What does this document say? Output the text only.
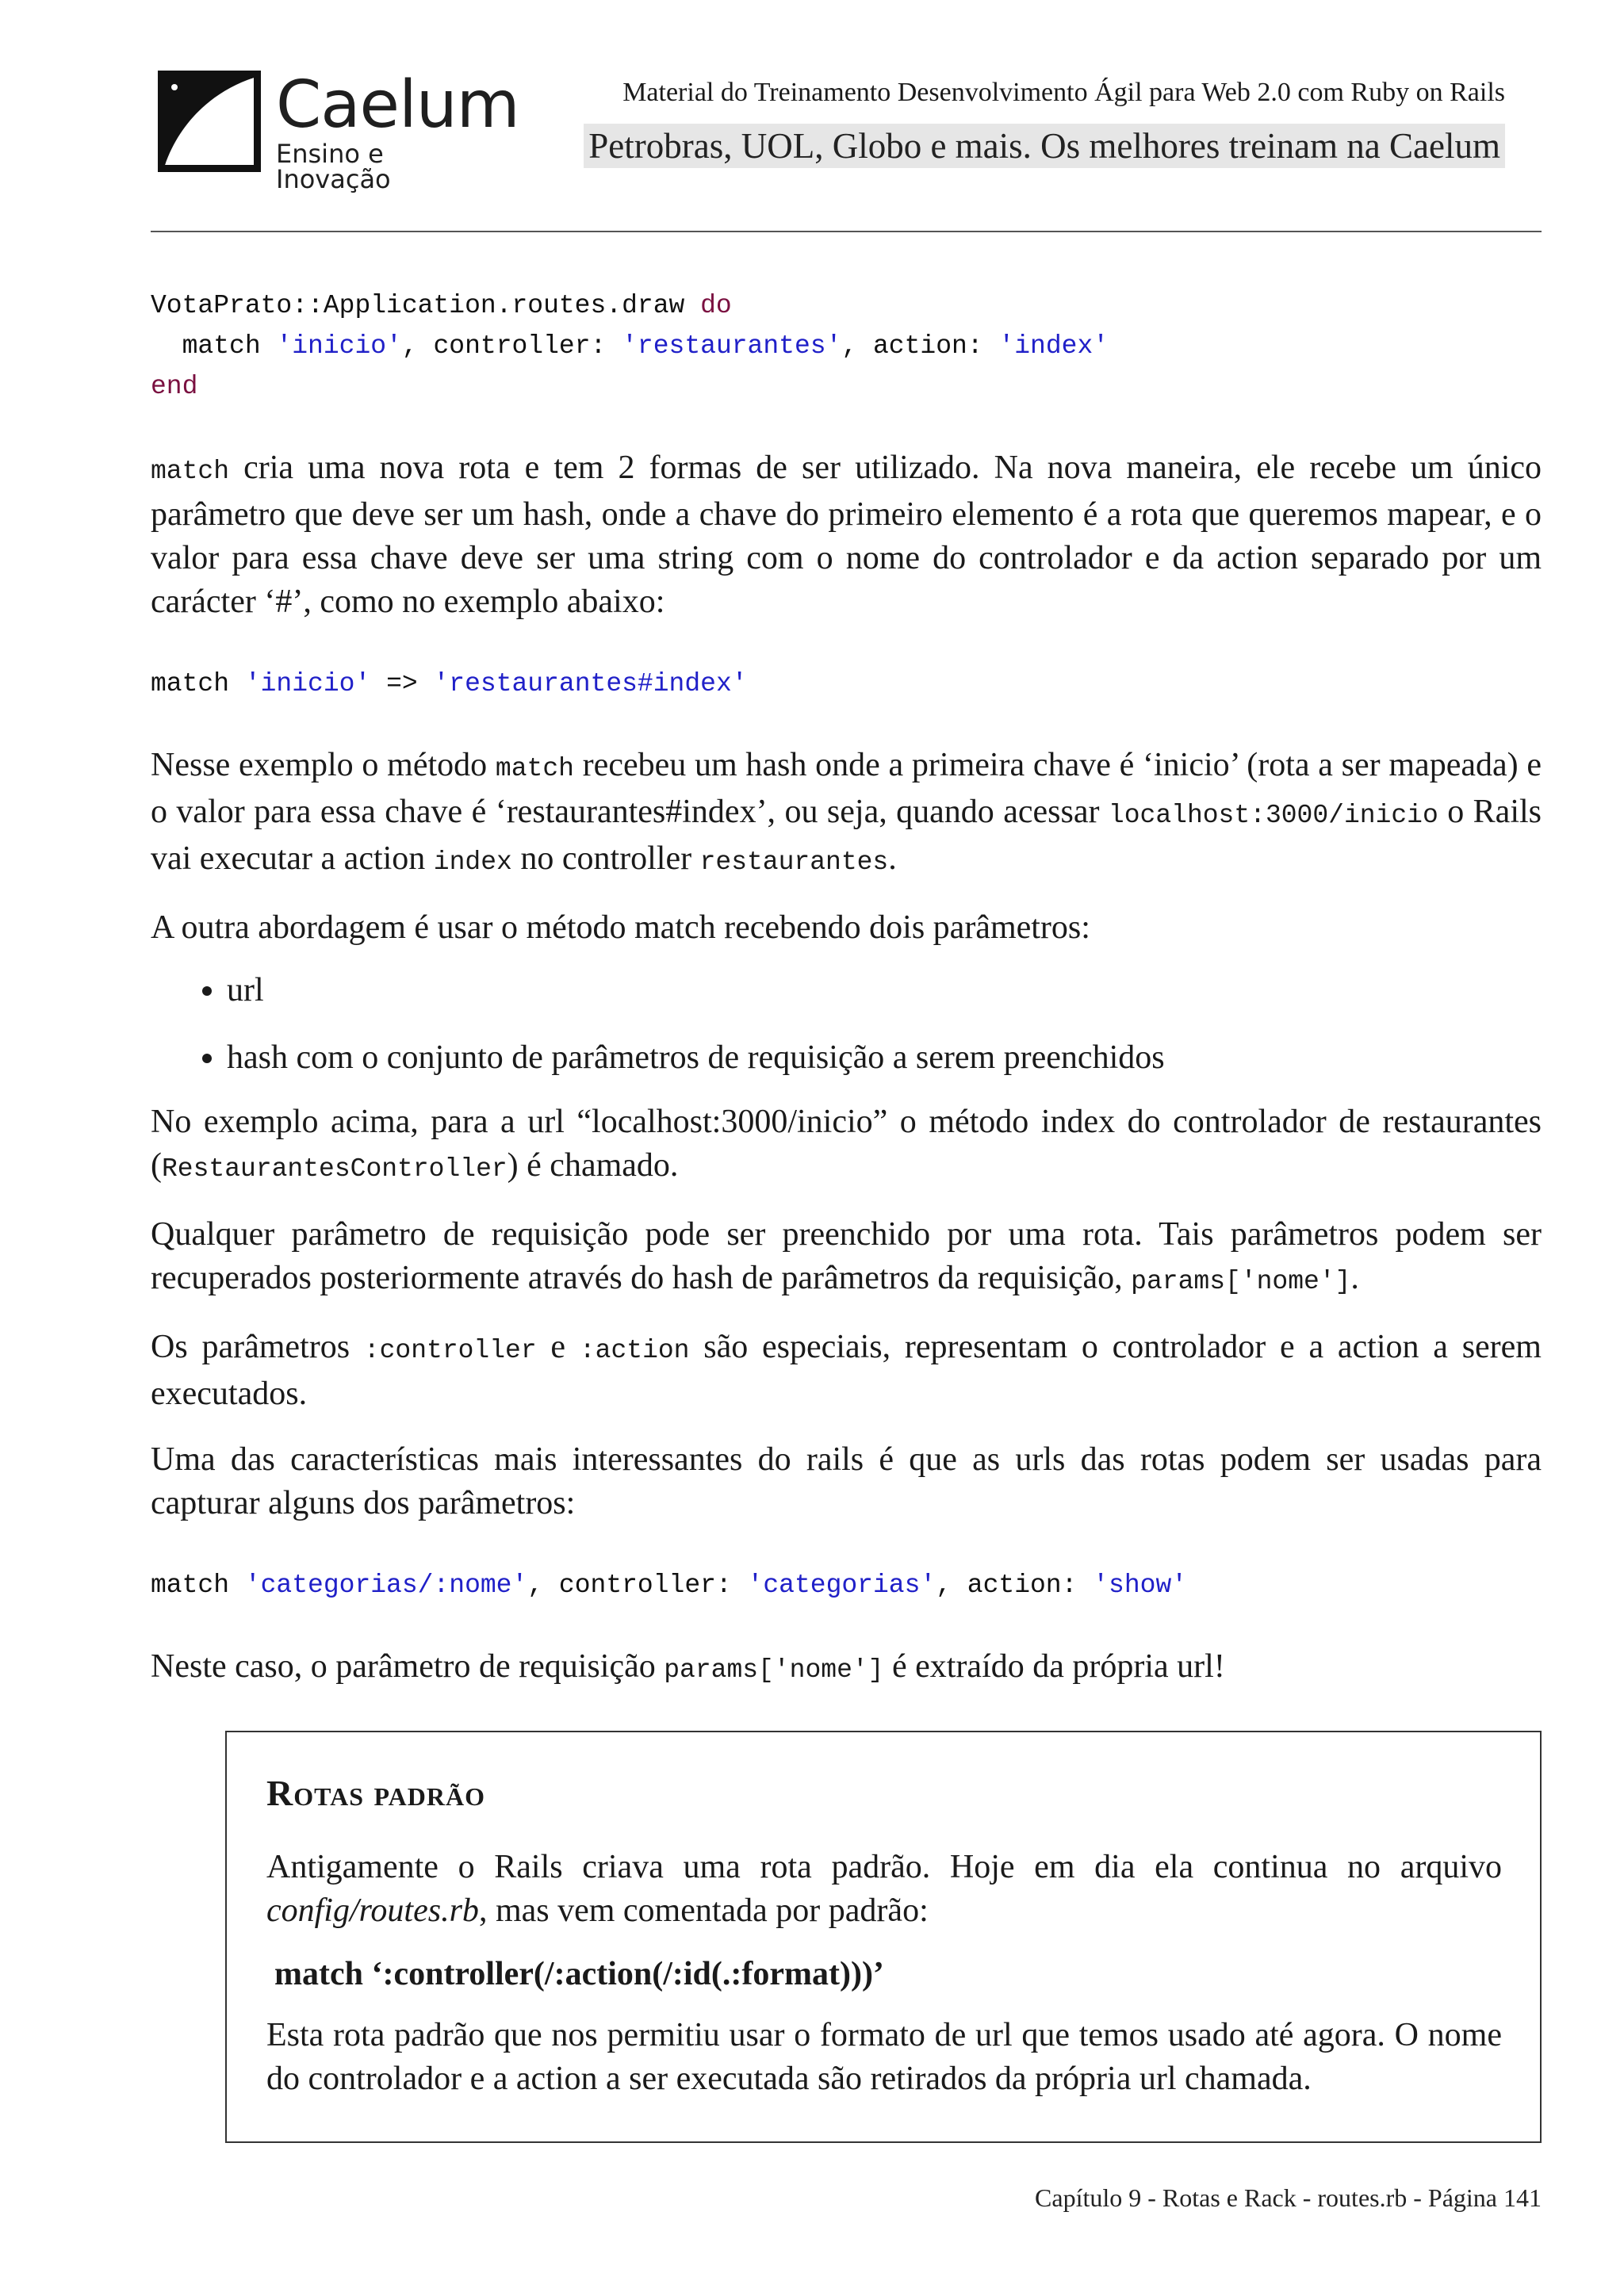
Caelum
Ensino e Inovação
Material do Treinamento Desenvolvimento Ágil para Web 2.0 com Ruby on Rails
Petrobras, UOL, Globo e mais. Os melhores treinam na Caelum
VotaPrato::Application.routes.draw do
match 'inicio', controller: 'restaurantes', action: 'index'
end

match cria uma nova rota e tem 2 formas de ser utilizado. Na nova maneira, ele recebe um único parâmetro que deve ser um hash, onde a chave do primeiro elemento é a rota que queremos mapear, e o valor para essa chave deve ser uma string com o nome do controlador e da action separado por um carácter ‘#’, como no exemplo abaixo:

match 'inicio' => 'restaurantes#index'

Nesse exemplo o método match recebeu um hash onde a primeira chave é ‘inicio’ (rota a ser mapeada) e o valor para essa chave é ‘restaurantes#index’, ou seja, quando acessar localhost:3000/inicio o Rails vai executar a action index no controller restaurantes.

A outra abordagem é usar o método match recebendo dois parâmetros:

• url
• hash com o conjunto de parâmetros de requisição a serem preenchidos

No exemplo acima, para a url “localhost:3000/inicio” o método index do controlador de restaurantes (RestaurantesController) é chamado.

Qualquer parâmetro de requisição pode ser preenchido por uma rota. Tais parâmetros podem ser recuperados posteriormente através do hash de parâmetros da requisição, params['nome'].

Os parâmetros :controller e :action são especiais, representam o controlador e a action a serem executados.

Uma das características mais interessantes do rails é que as urls das rotas podem ser usadas para capturar alguns dos parâmetros:

match 'categorias/:nome', controller: 'categorias', action: 'show'

Neste caso, o parâmetro de requisição params['nome'] é extraído da própria url!

Rotas padrão

Antigamente o Rails criava uma rota padrão. Hoje em dia ela continua no arquivo config/routes.rb, mas vem comentada por padrão:

match ‘:controller(/:action(/:id(.:format)))’

Esta rota padrão que nos permitiu usar o formato de url que temos usado até agora. O nome do controlador e a action a ser executada são retirados da própria url chamada.

Capítulo 9 - Rotas e Rack - routes.rb - Página 141
